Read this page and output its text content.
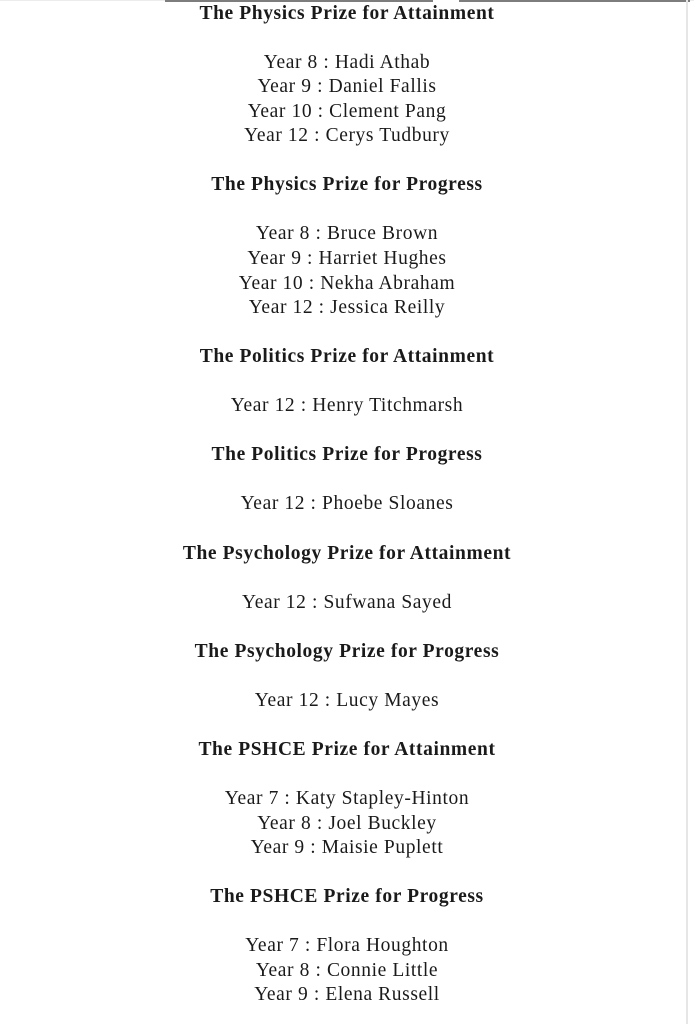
The Physics Prize for Attainment

Year 8 : Hadi Athab
Year 9 : Daniel Fallis
Year 10 : Clement Pang
Year 12 : Cerys Tudbury

The Physics Prize for Progress

Year 8 : Bruce Brown
Year 9 : Harriet Hughes
Year 10 : Nekha Abraham
Year 12 : Jessica Reilly

The Politics Prize for Attainment

Year 12 : Henry Titchmarsh

The Politics Prize for Progress

Year 12 : Phoebe Sloanes

The Psychology Prize for Attainment

Year 12 : Sufwana Sayed

The Psychology Prize for Progress

Year 12 : Lucy Mayes

The PSHCE Prize for Attainment

Year 7 : Katy Stapley-Hinton
Year 8 : Joel Buckley
Year 9 : Maisie Puplett

The PSHCE Prize for Progress

Year 7 : Flora Houghton
Year 8 : Connie Little
Year 9 : Elena Russell
